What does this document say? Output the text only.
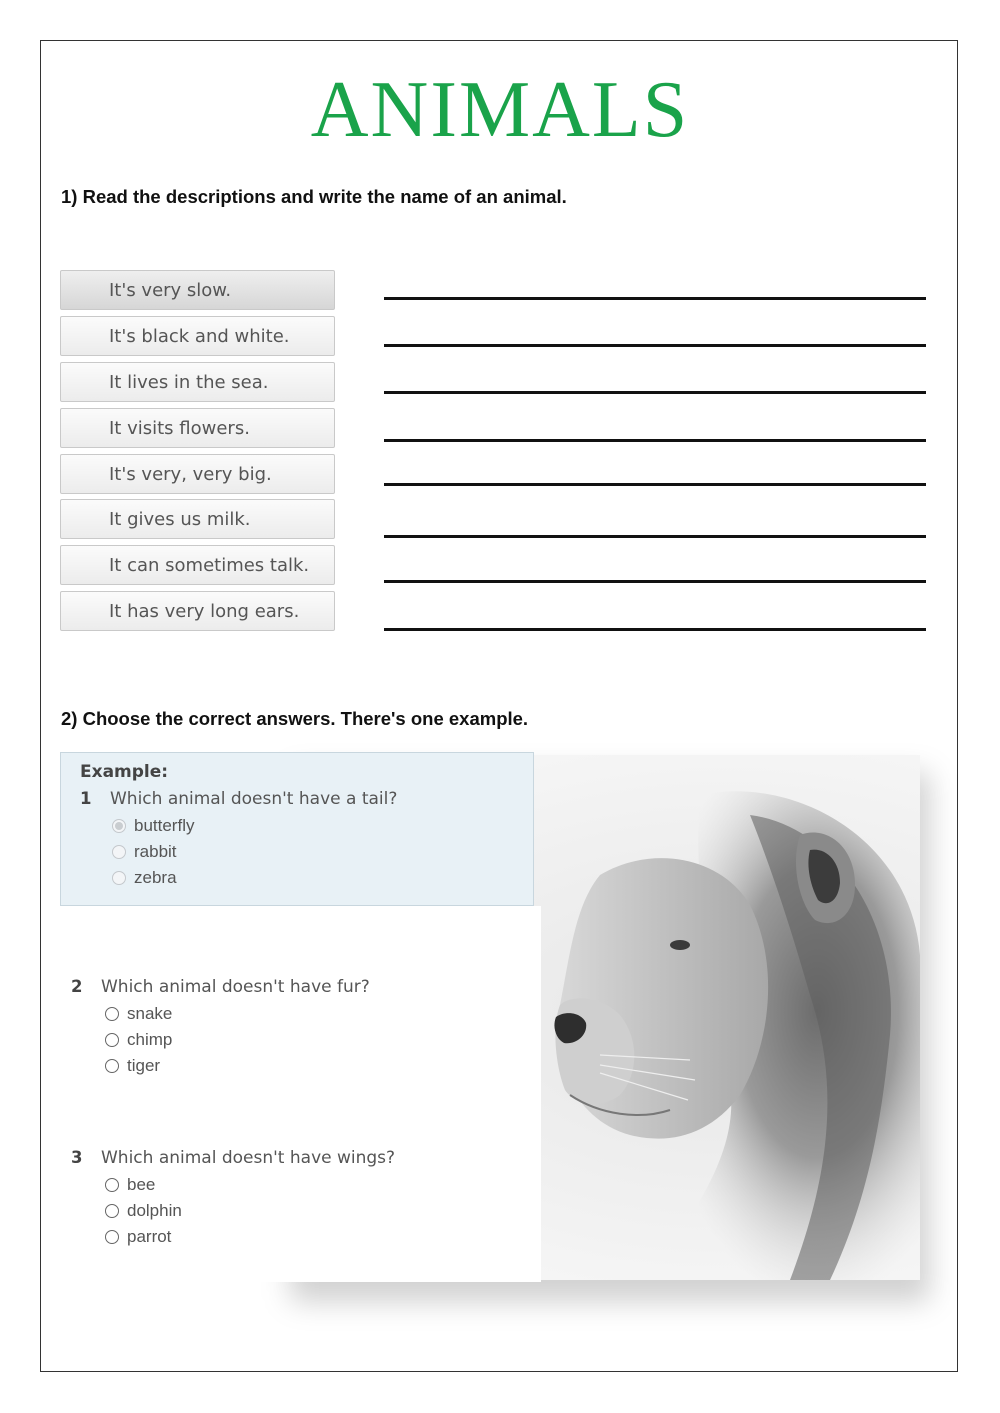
ANIMALS
1) Read the descriptions and write the name of an animal.
It's very slow.
It's black and white.
It lives in the sea.
It visits flowers.
It's very, very big.
It gives us milk.
It can sometimes talk.
It has very long ears.
2) Choose the correct answers. There's one example.
Example:
1 Which animal doesn't have a tail?
butterfly
rabbit
zebra
2 Which animal doesn't have fur?
snake
chimp
tiger
3 Which animal doesn't have wings?
bee
dolphin
parrot
